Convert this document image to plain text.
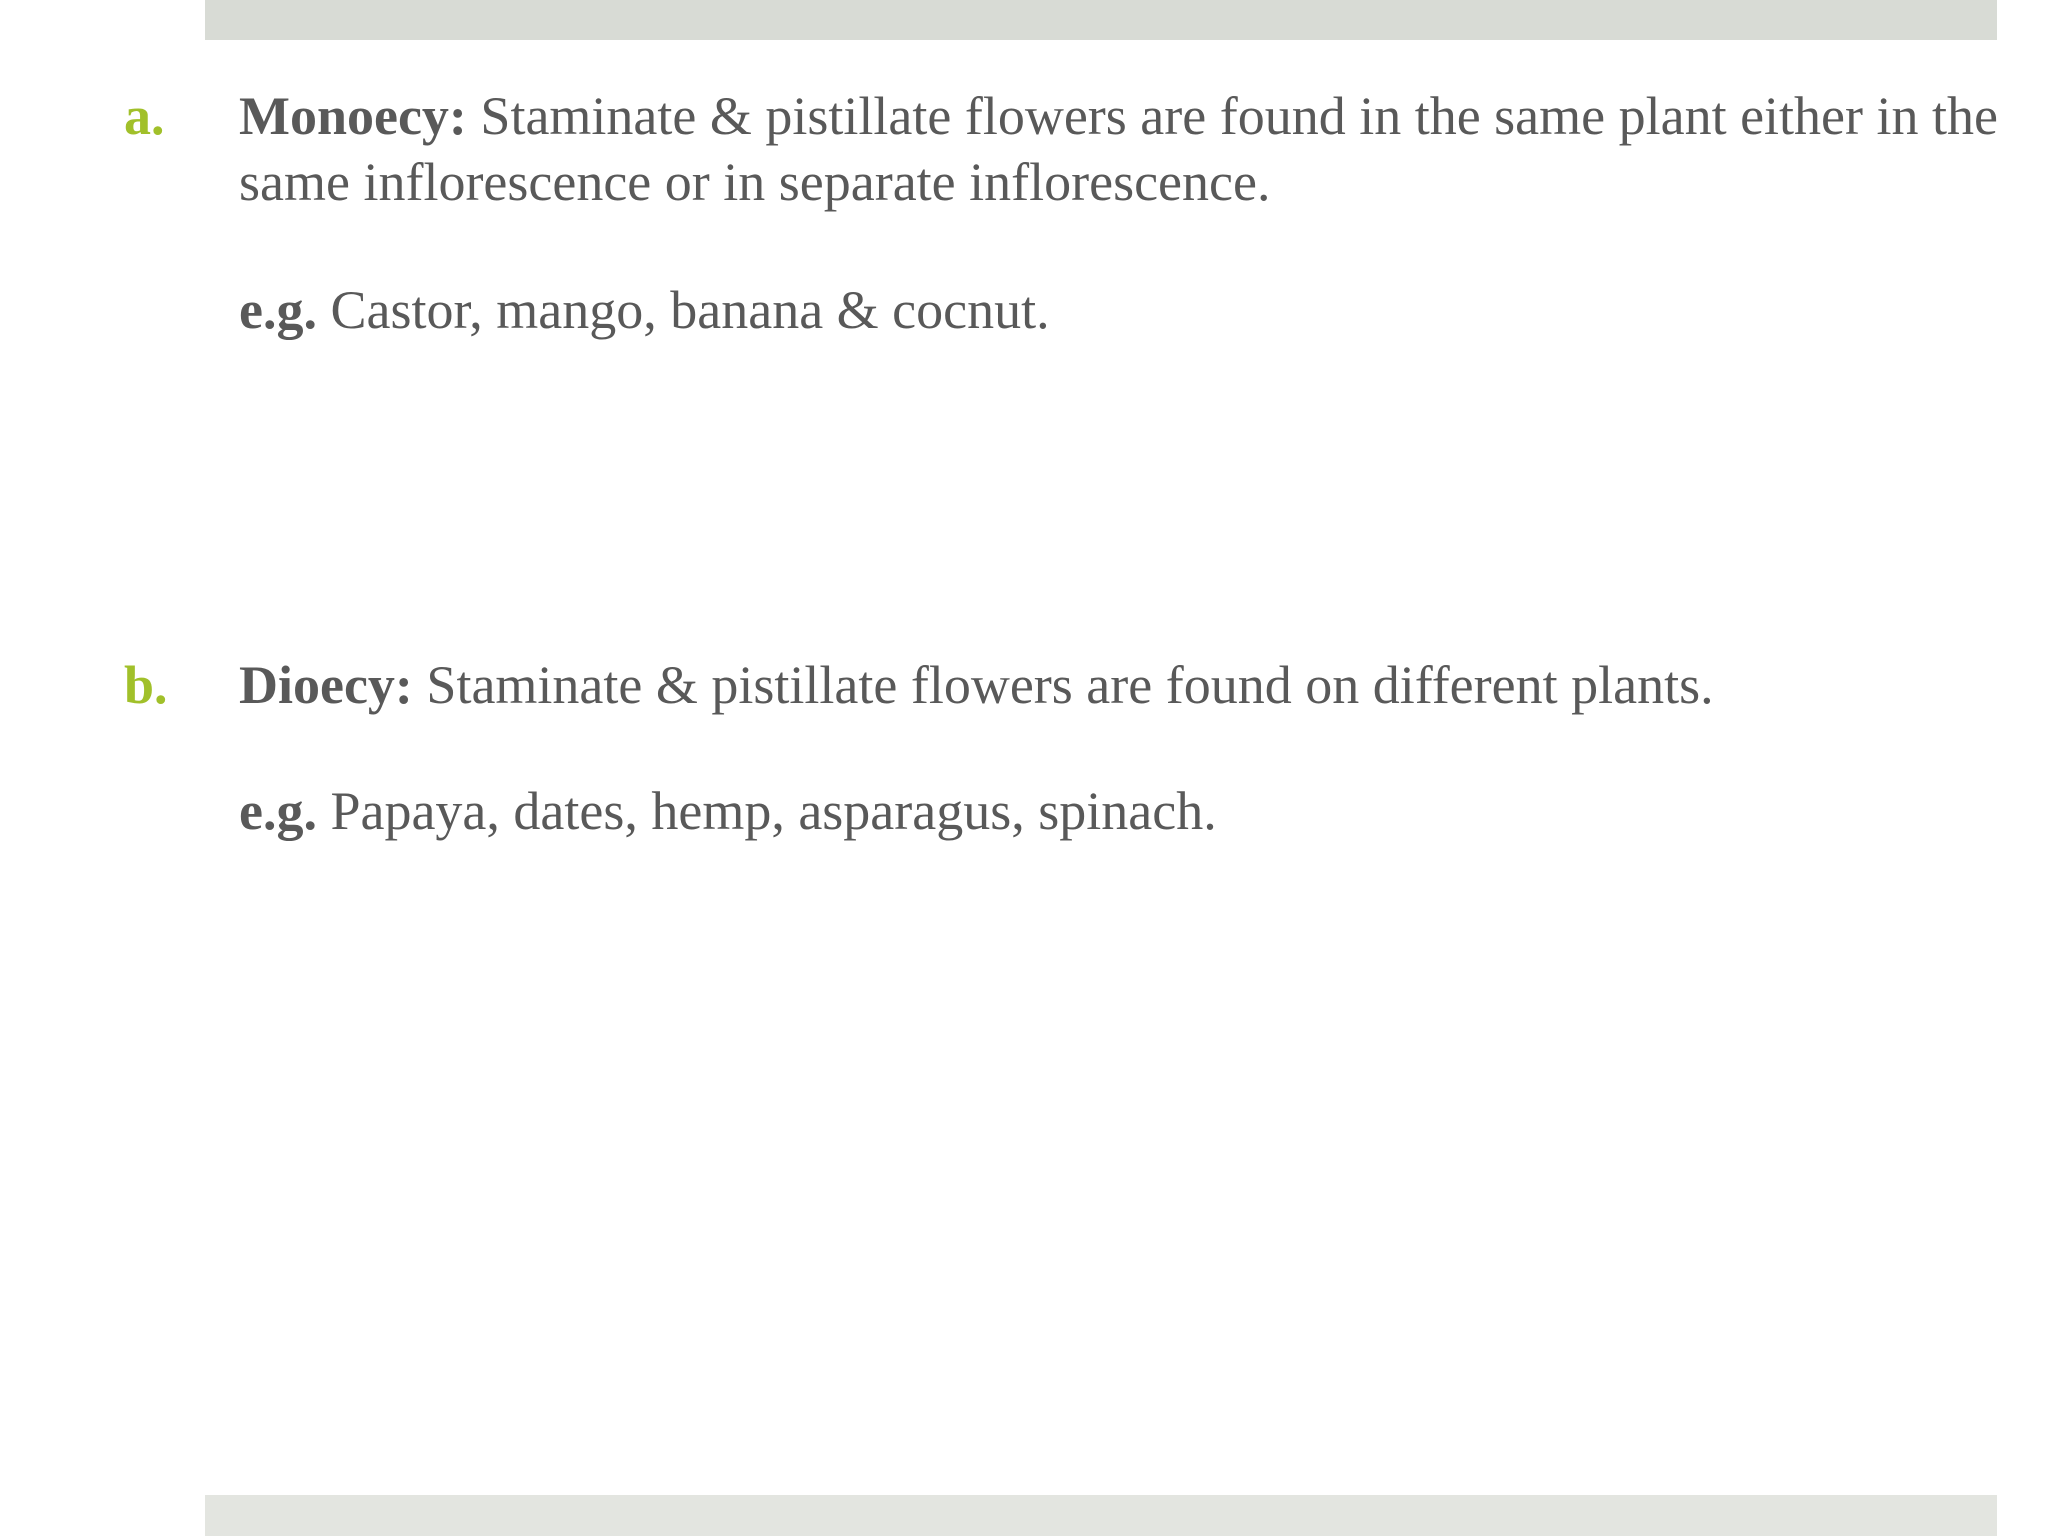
a. Monoecy: Staminate & pistillate flowers are found in the same plant either in the same inflorescence or in separate inflorescence.
e.g. Castor, mango, banana & cocnut.
b. Dioecy: Staminate & pistillate flowers are found on different plants.
e.g. Papaya, dates, hemp, asparagus, spinach.
